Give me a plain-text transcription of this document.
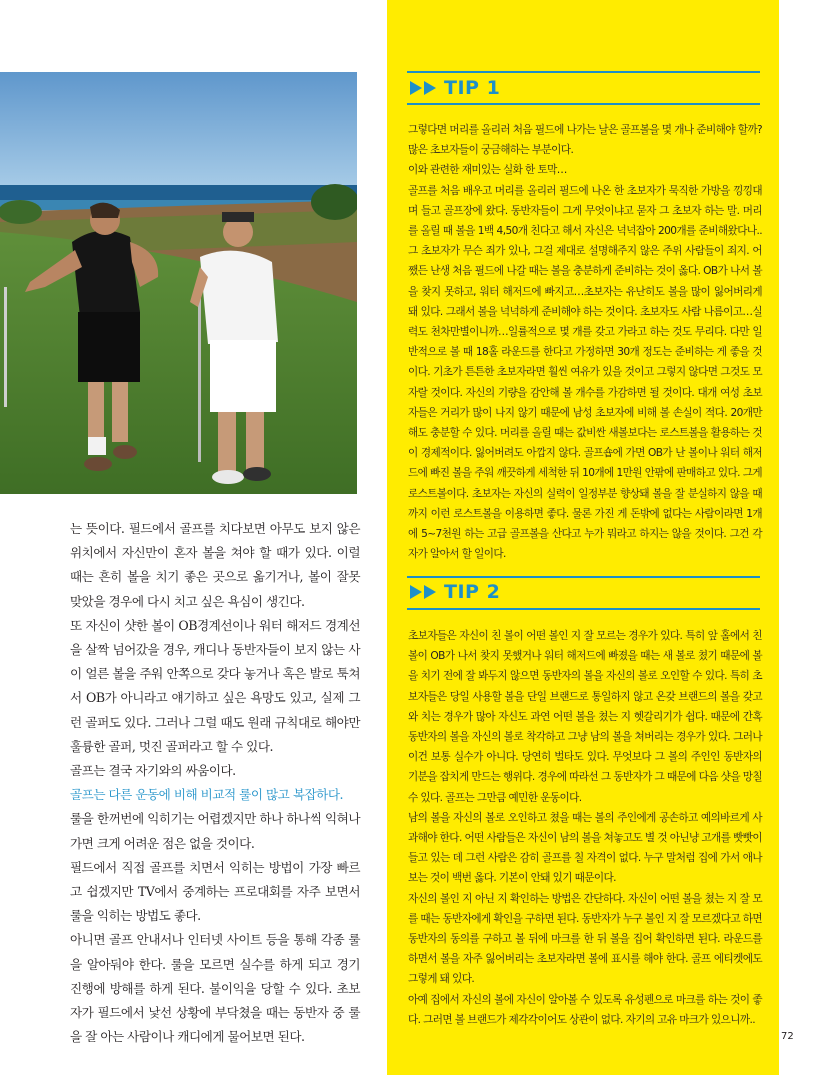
는 뜻이다. 필드에서 골프를 치다보면 아무도 보지 않은 위치에서 자신만이 혼자 볼을 쳐야 할 때가 있다. 이럴 때는 흔히 볼을 치기 좋은 곳으로 옮기거나, 볼이 잘못 맞았을 경우에 다시 치고 싶은 욕심이 생긴다.

또 자신이 샷한 볼이 OB경계선이나 워터 해저드 경계선을 살짝 넘어갔을 경우, 캐디나 동반자들이 보지 않는 사이 얼른 볼을 주워 안쪽으로 갖다 놓거나 혹은 발로 툭쳐서 OB가 아니라고 얘기하고 싶은 욕망도 있고, 실제 그런 골퍼도 있다. 그러나 그럴 때도 원래 규칙대로 해야만 훌륭한 골퍼, 멋진 골퍼라고 할 수 있다.

골프는 결국 자기와의 싸움이다.

골프는 다른 운동에 비해 비교적 룰이 많고 복잡하다.

룰을 한꺼번에 익히기는 어렵겠지만 하나 하나씩 익혀나가면 크게 어려운 점은 없을 것이다.

필드에서 직접 골프를 치면서 익히는 방법이 가장 빠르고 쉽겠지만 TV에서 중계하는 프로대회를 자주 보면서 룰을 익히는 방법도 좋다.

아니면 골프 안내서나 인터넷 사이트 등을 통해 각종 룰을 알아둬야 한다. 룰을 모르면 실수를 하게 되고 경기 진행에 방해를 하게 된다. 불이익을 당할 수 있다. 초보자가 필드에서 낯선 상황에 부닥쳤을 때는 동반자 중 룰을 잘 아는 사람이나 캐디에게 물어보면 된다.

TIP 1

그렇다면 머리를 올리러 처음 필드에 나가는 날은 골프볼을 몇 개나 준비해야 할까? 많은 초보자들이 궁금해하는 부분이다.

이와 관련한 재미있는 실화 한 토막…

골프를 처음 배우고 머리를 올리러 필드에 나온 한 초보자가 묵직한 가방을 낑낑대며 들고 골프장에 왔다. 동반자들이 그게 무엇이냐고 묻자 그 초보자 하는 말. 머리를 올릴 때 볼을 1백 4,50개 친다고 해서 자신은 넉넉잡아 200개를 준비해왔다나.. 그 초보자가 무슨 죄가 있나, 그걸 제대로 설명해주지 않은 주위 사람들이 죄지. 어쨌든 난생 처음 필드에 나갈 때는 볼을 충분하게 준비하는 것이 옳다. OB가 나서 볼을 찾지 못하고, 워터 해저드에 빠지고…초보자는 유난히도 볼을 많이 잃어버리게 돼 있다. 그래서 볼을 넉넉하게 준비해야 하는 것이다. 초보자도 사람 나름이고…실력도 천차만별이니까…일률적으로 몇 개를 갖고 가라고 하는 것도 무리다. 다만 일반적으로 볼 때 18홀 라운드를 한다고 가정하면 30개 정도는 준비하는 게 좋을 것이다. 기초가 튼튼한 초보자라면 훨씬 여유가 있을 것이고 그렇지 않다면 그것도 모자랄 것이다. 자신의 기량을 감안해 볼 개수를 가감하면 될 것이다. 대개 여성 초보자들은 거리가 많이 나지 않기 때문에 남성 초보자에 비해 볼 손실이 적다. 20개만 해도 충분할 수 있다. 머리를 올릴 때는 값비싼 새볼보다는 로스트볼을 활용하는 것이 경제적이다. 잃어버려도 아깝지 않다. 골프숍에 가면 OB가 난 볼이나 워터 해저드에 빠진 볼을 주워 깨끗하게 세척한 뒤 10개에 1만원 안팎에 판매하고 있다. 그게 로스트볼이다. 초보자는 자신의 실력이 일정부분 향상돼 볼을 잘 분실하지 않을 때까지 이런 로스트볼을 이용하면 좋다. 물론 가진 게 돈밖에 없다는 사람이라면 1개에 5~7천원 하는 고급 골프볼을 산다고 누가 뭐라고 하지는 않을 것이다. 그건 각자가 알아서 할 일이다.

TIP 2

초보자들은 자신이 친 볼이 어떤 볼인 지 잘 모르는 경우가 있다. 특히 앞 홀에서 친 볼이 OB가 나서 찾지 못했거나 워터 해저드에 빠졌을 때는 새 볼로 쳤기 때문에 볼을 치기 전에 잘 봐두지 않으면 동반자의 볼을 자신의 볼로 오인할 수 있다. 특히 초보자들은 당일 사용할 볼을 단일 브랜드로 통일하지 않고 온갖 브랜드의 볼을 갖고 와 치는 경우가 많아 자신도 과연 어떤 볼을 쳤는 지 헷갈리기가 쉽다. 때문에 간혹 동반자의 볼을 자신의 볼로 착각하고 그냥 남의 볼을 쳐버리는 경우가 있다. 그러나 이건 보통 실수가 아니다. 당연히 벌타도 있다. 무엇보다 그 볼의 주인인 동반자의 기분을 잡치게 만드는 행위다. 경우에 따라선 그 동반자가 그 때문에 다음 샷을 망칠 수 있다. 골프는 그만큼 예민한 운동이다.

남의 볼을 자신의 볼로 오인하고 쳤을 때는 볼의 주인에게 공손하고 예의바르게 사과해야 한다. 어떤 사람들은 자신이 남의 볼을 쳐놓고도 별 것 아닌냥 고개를 빳빳이 들고 있는 데 그런 사람은 감히 골프를 칠 자격이 없다. 누구 말처럼 집에 가서 애나 보는 것이 백번 옳다. 기본이 안돼 있기 때문이다.

자신의 볼인 지 아닌 지 확인하는 방법은 간단하다. 자신이 어떤 볼을 쳤는 지 잘 모를 때는 동반자에게 확인을 구하면 된다. 동반자가 누구 볼인 지 잘 모르겠다고 하면 동반자의 동의를 구하고 볼 뒤에 마크를 한 뒤 볼을 집어 확인하면 된다. 라운드를 하면서 볼을 자주 잃어버리는 초보자라면 볼에 표시를 해야 한다. 골프 에티켓에도 그렇게 돼 있다.

아예 집에서 자신의 볼에 자신이 알아볼 수 있도록 유성펜으로 마크를 하는 것이 좋다. 그러면 볼 브랜드가 제각각이어도 상관이 없다. 자기의 고유 마크가 있으니까..

72
